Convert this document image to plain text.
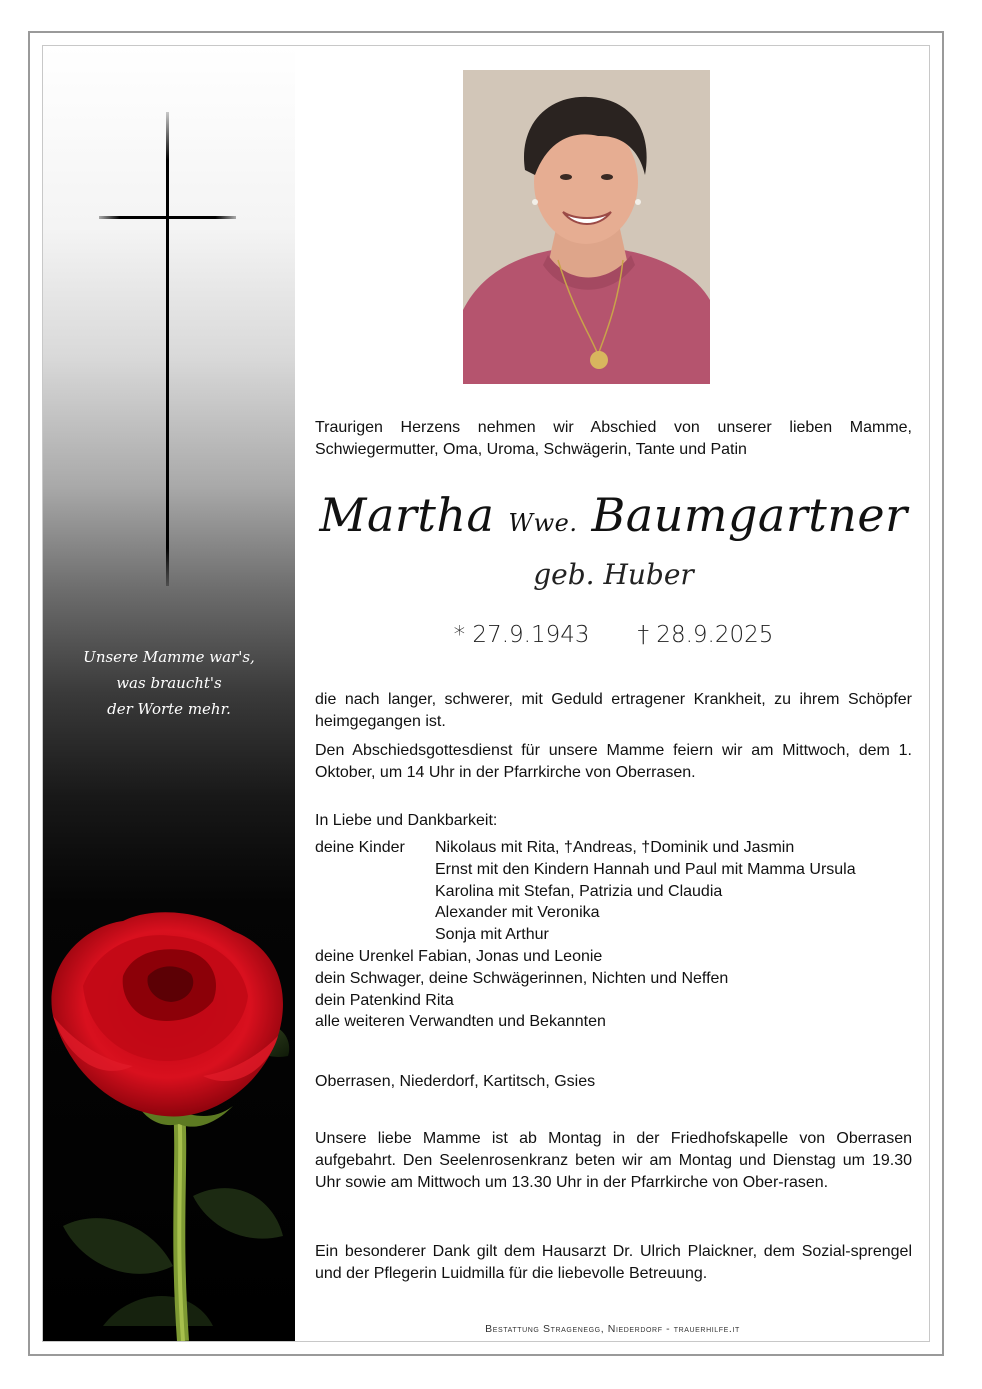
Unsere Mamme war's,
was braucht's
der Worte mehr.
Traurigen Herzens nehmen wir Abschied von unserer lieben Mamme, Schwiegermutter, Oma, Uroma, Schwägerin, Tante und Patin
Martha Wwe. Baumgartner
geb. Huber
* 27.9.1943 † 28.9.2025
die nach langer, schwerer, mit Geduld ertragener Krankheit, zu ihrem Schöpfer heimgegangen ist.
Den Abschiedsgottesdienst für unsere Mamme feiern wir am Mittwoch, dem 1. Oktober, um 14 Uhr in der Pfarrkirche von Oberrasen.
In Liebe und Dankbarkeit:
deine Kinder	Nikolaus mit Rita, †Andreas, †Dominik und Jasmin
Ernst mit den Kindern Hannah und Paul mit Mamma Ursula
Karolina mit Stefan, Patrizia und Claudia
Alexander mit Veronika
Sonja mit Arthur
deine Urenkel Fabian, Jonas und Leonie
dein Schwager, deine Schwägerinnen, Nichten und Neffen
dein Patenkind Rita
alle weiteren Verwandten und Bekannten
Oberrasen, Niederdorf, Kartitsch, Gsies
Unsere liebe Mamme ist ab Montag in der Friedhofskapelle von Oberrasen aufgebahrt. Den Seelenrosenkranz beten wir am Montag und Dienstag um 19.30 Uhr sowie am Mittwoch um 13.30 Uhr in der Pfarrkirche von Ober-rasen.
Ein besonderer Dank gilt dem Hausarzt Dr. Ulrich Plaickner, dem Sozial-sprengel und der Pflegerin Luidmilla für die liebevolle Betreuung.
Bestattung Stragenegg, Niederdorf - trauerhilfe.it
